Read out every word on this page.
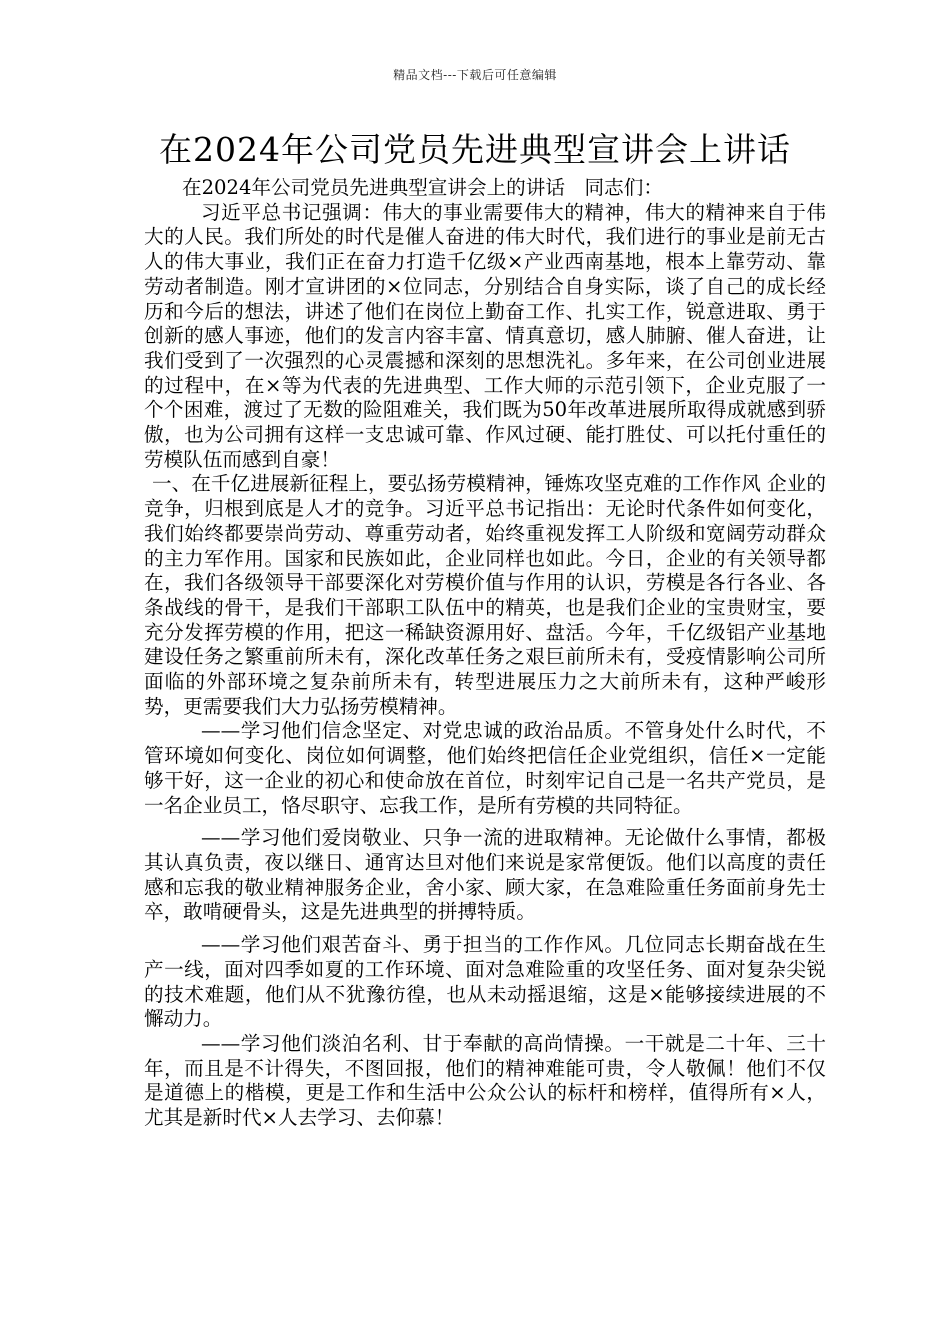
精品文档---下载后可任意编辑
在2024年公司党员先进典型宣讲会上讲话

在2024年公司党员先进典型宣讲会上的讲话　同志们：

习近平总书记强调：伟大的事业需要伟大的精神，伟大的精神来自于伟大的人民。我们所处的时代是催人奋进的伟大时代，我们进行的事业是前无古人的伟大事业，我们正在奋力打造千亿级×产业西南基地，根本上靠劳动、靠劳动者制造。刚才宣讲团的×位同志，分别结合自身实际，谈了自己的成长经历和今后的想法，讲述了他们在岗位上勤奋工作、扎实工作，锐意进取、勇于创新的感人事迹，他们的发言内容丰富、情真意切，感人肺腑、催人奋进，让我们受到了一次强烈的心灵震撼和深刻的思想洗礼。多年来，在公司创业进展的过程中，在×等为代表的先进典型、工作大师的示范引领下，企业克服了一个个困难，渡过了无数的险阻难关，我们既为50年改革进展所取得成就感到骄傲，也为公司拥有这样一支忠诚可靠、作风过硬、能打胜仗、可以托付重任的劳模队伍而感到自豪！

一、在千亿进展新征程上，要弘扬劳模精神，锤炼攻坚克难的工作作风 企业的竞争，归根到底是人才的竞争。习近平总书记指出：无论时代条件如何变化，我们始终都要崇尚劳动、尊重劳动者，始终重视发挥工人阶级和宽阔劳动群众的主力军作用。国家和民族如此，企业同样也如此。今日，企业的有关领导都在，我们各级领导干部要深化对劳模价值与作用的认识，劳模是各行各业、各条战线的骨干，是我们干部职工队伍中的精英，也是我们企业的宝贵财宝，要充分发挥劳模的作用，把这一稀缺资源用好、盘活。今年，千亿级铝产业基地建设任务之繁重前所未有，深化改革任务之艰巨前所未有，受疫情影响公司所面临的外部环境之复杂前所未有，转型进展压力之大前所未有，这种严峻形势，更需要我们大力弘扬劳模精神。

——学习他们信念坚定、对党忠诚的政治品质。不管身处什么时代，不管环境如何变化、岗位如何调整，他们始终把信任企业党组织，信任×一定能够干好，这一企业的初心和使命放在首位，时刻牢记自己是一名共产党员，是一名企业员工，恪尽职守、忘我工作，是所有劳模的共同特征。

——学习他们爱岗敬业、只争一流的进取精神。无论做什么事情，都极其认真负责，夜以继日、通宵达旦对他们来说是家常便饭。他们以高度的责任感和忘我的敬业精神服务企业，舍小家、顾大家，在急难险重任务面前身先士卒，敢啃硬骨头，这是先进典型的拼搏特质。

——学习他们艰苦奋斗、勇于担当的工作作风。几位同志长期奋战在生产一线，面对四季如夏的工作环境、面对急难险重的攻坚任务、面对复杂尖锐的技术难题，他们从不犹豫彷徨，也从未动摇退缩，这是×能够接续进展的不懈动力。

——学习他们淡泊名利、甘于奉献的高尚情操。一干就是二十年、三十年，而且是不计得失，不图回报，他们的精神难能可贵，令人敬佩！他们不仅是道德上的楷模，更是工作和生活中公众公认的标杆和榜样，值得所有×人，尤其是新时代×人去学习、去仰慕！
